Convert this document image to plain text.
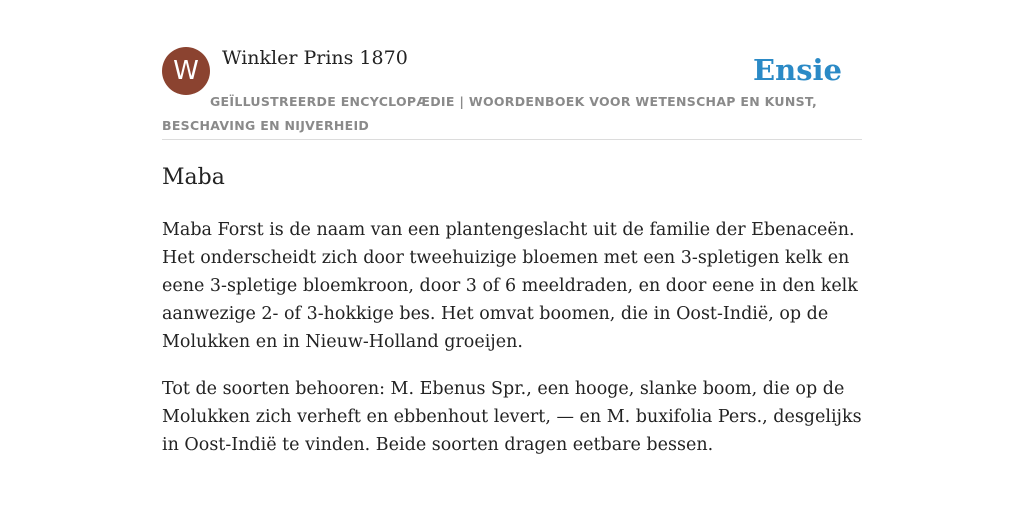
W	Winkler Prins 1870	Ensie
GEÏLLUSTREERDE ENCYCLOPÆDIE | WOORDENBOEK VOOR WETENSCHAP EN KUNST, BESCHAVING EN NIJVERHEID
Maba

Maba Forst is de naam van een plantengeslacht uit de familie der Ebenaceën. Het onderscheidt zich door tweehuizige bloemen met een 3-spletigen kelk en eene 3-spletige bloemkroon, door 3 of 6 meeldraden, en door eene in den kelk aanwezige 2- of 3-hokkige bes. Het omvat boomen, die in Oost-Indië, op de Molukken en in Nieuw-Holland groeijen.

Tot de soorten behooren: M. Ebenus Spr., een hooge, slanke boom, die op de Molukken zich verheft en ebbenhout levert, — en M. buxifolia Pers., desgelijks in Oost-Indië te vinden. Beide soorten dragen eetbare bessen.
